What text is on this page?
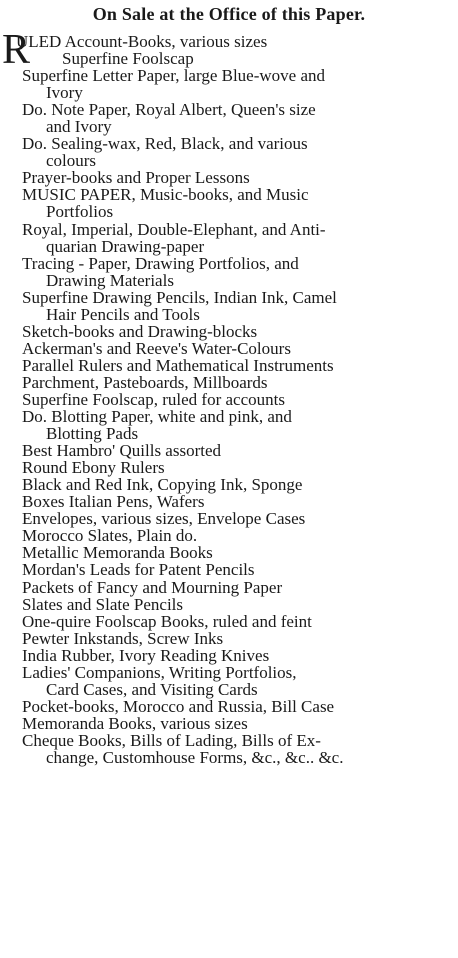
On Sale at the Office of this Paper.
R
ULED Account-Books, various sizes
Superfine Foolscap
Superfine Letter Paper, large Blue-wove and
Ivory
Do. Note Paper, Royal Albert, Queen's size
and Ivory
Do. Sealing-wax, Red, Black, and various
colours
Prayer-books and Proper Lessons
MUSIC PAPER, Music-books, and Music
Portfolios
Royal, Imperial, Double-Elephant, and Anti-
quarian Drawing-paper
Tracing - Paper, Drawing Portfolios, and
Drawing Materials
Superfine Drawing Pencils, Indian Ink, Camel
Hair Pencils and Tools
Sketch-books and Drawing-blocks
Ackerman's and Reeve's Water-Colours
Parallel Rulers and Mathematical Instruments
Parchment, Pasteboards, Millboards
Superfine Foolscap, ruled for accounts
Do. Blotting Paper, white and pink, and
Blotting Pads
Best Hambro' Quills assorted
Round Ebony Rulers
Black and Red Ink, Copying Ink, Sponge
Boxes Italian Pens, Wafers
Envelopes, various sizes, Envelope Cases
Morocco Slates, Plain do.
Metallic Memoranda Books
Mordan's Leads for Patent Pencils
Packets of Fancy and Mourning Paper
Slates and Slate Pencils
One-quire Foolscap Books, ruled and feint
Pewter Inkstands, Screw Inks
India Rubber, Ivory Reading Knives
Ladies' Companions, Writing Portfolios,
Card Cases, and Visiting Cards
Pocket-books, Morocco and Russia, Bill Case
Memoranda Books, various sizes
Cheque Books, Bills of Lading, Bills of Ex-
change, Customhouse Forms, &c., &c.. &c.
